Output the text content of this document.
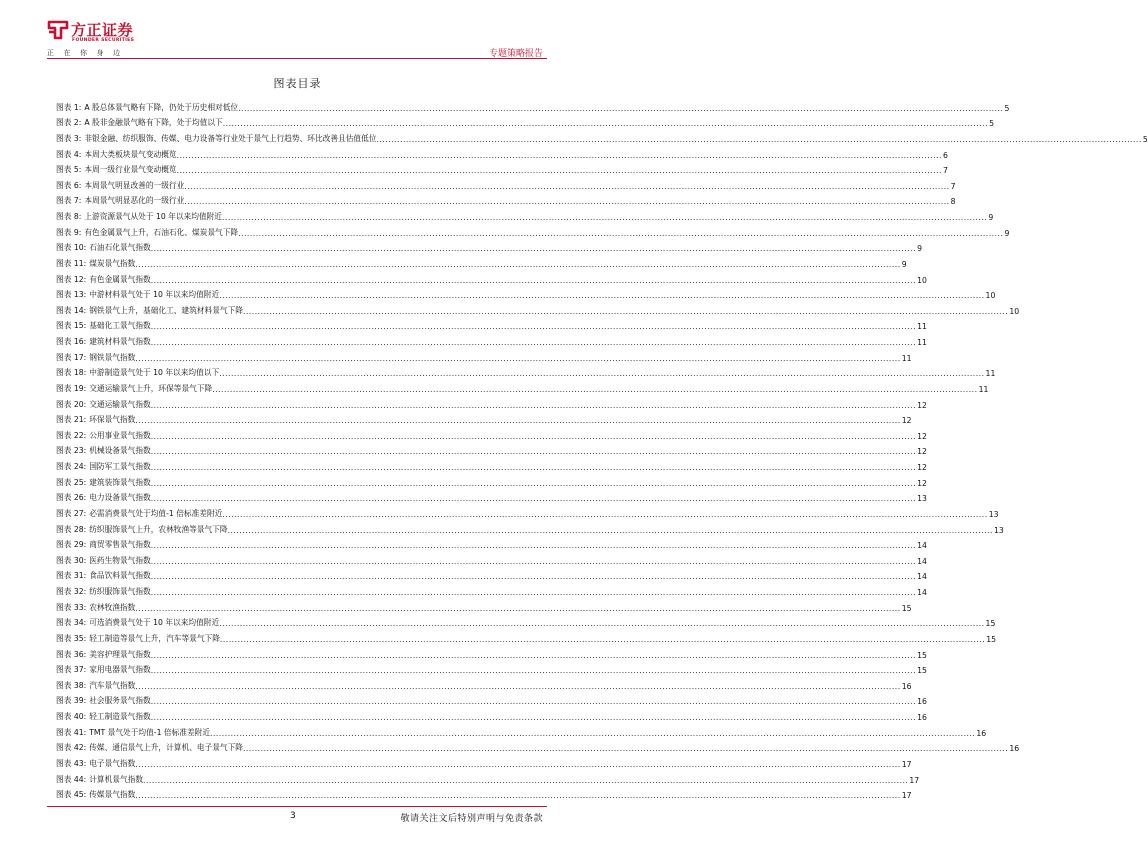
方正证券
FOUNDER SECURITIES
正在你身边	专题策略报告
图表目录
图表 1: A 股总体景气略有下降，仍处于历史相对低位 .................................................................................................................................................................................................................................................................... 5
图表 2: A 股非金融景气略有下降，处于均值以下 .................................................................................................................................................................................................................................................................... 5
图表 3: 非银金融、纺织服饰、传媒、电力设备等行业处于景气上行趋势、环比改善且估值低位 .................................................................................................................................................................................................................................................................... 5
图表 4: 本周大类板块景气变动概览 .................................................................................................................................................................................................................................................................... 6
图表 5: 本周一级行业景气变动概览 .................................................................................................................................................................................................................................................................... 7
图表 6: 本周景气明显改善的一级行业 .................................................................................................................................................................................................................................................................... 7
图表 7: 本周景气明显恶化的一级行业 .................................................................................................................................................................................................................................................................... 8
图表 8: 上游资源景气从处于 10 年以来均值附近 .................................................................................................................................................................................................................................................................... 9
图表 9: 有色金属景气上升，石油石化、煤炭景气下降 .................................................................................................................................................................................................................................................................... 9
图表 10: 石油石化景气指数 .................................................................................................................................................................................................................................................................... 9
图表 11: 煤炭景气指数 .................................................................................................................................................................................................................................................................... 9
图表 12: 有色金属景气指数 .................................................................................................................................................................................................................................................................... 10
图表 13: 中游材料景气处于 10 年以来均值附近 .................................................................................................................................................................................................................................................................... 10
图表 14: 钢铁景气上升，基础化工、建筑材料景气下降 .................................................................................................................................................................................................................................................................... 10
图表 15: 基础化工景气指数 .................................................................................................................................................................................................................................................................... 11
图表 16: 建筑材料景气指数 .................................................................................................................................................................................................................................................................... 11
图表 17: 钢铁景气指数 .................................................................................................................................................................................................................................................................... 11
图表 18: 中游制造景气处于 10 年以来均值以下 .................................................................................................................................................................................................................................................................... 11
图表 19: 交通运输景气上升，环保等景气下降 .................................................................................................................................................................................................................................................................... 11
图表 20: 交通运输景气指数 .................................................................................................................................................................................................................................................................... 12
图表 21: 环保景气指数 .................................................................................................................................................................................................................................................................... 12
图表 22: 公用事业景气指数 .................................................................................................................................................................................................................................................................... 12
图表 23: 机械设备景气指数 .................................................................................................................................................................................................................................................................... 12
图表 24: 国防军工景气指数 .................................................................................................................................................................................................................................................................... 12
图表 25: 建筑装饰景气指数 .................................................................................................................................................................................................................................................................... 12
图表 26: 电力设备景气指数 .................................................................................................................................................................................................................................................................... 13
图表 27: 必需消费景气处于均值-1 倍标准差附近 .................................................................................................................................................................................................................................................................... 13
图表 28: 纺织服饰景气上升，农林牧渔等景气下降 .................................................................................................................................................................................................................................................................... 13
图表 29: 商贸零售景气指数 .................................................................................................................................................................................................................................................................... 14
图表 30: 医药生物景气指数 .................................................................................................................................................................................................................................................................... 14
图表 31: 食品饮料景气指数 .................................................................................................................................................................................................................................................................... 14
图表 32: 纺织服饰景气指数 .................................................................................................................................................................................................................................................................... 14
图表 33: 农林牧渔指数 .................................................................................................................................................................................................................................................................... 15
图表 34: 可选消费景气处于 10 年以来均值附近 .................................................................................................................................................................................................................................................................... 15
图表 35: 轻工制造等景气上升，汽车等景气下降 .................................................................................................................................................................................................................................................................... 15
图表 36: 美容护理景气指数 .................................................................................................................................................................................................................................................................... 15
图表 37: 家用电器景气指数 .................................................................................................................................................................................................................................................................... 15
图表 38: 汽车景气指数 .................................................................................................................................................................................................................................................................... 16
图表 39: 社会服务景气指数 .................................................................................................................................................................................................................................................................... 16
图表 40: 轻工制造景气指数 .................................................................................................................................................................................................................................................................... 16
图表 41: TMT 景气处于均值-1 倍标准差附近 .................................................................................................................................................................................................................................................................... 16
图表 42: 传媒、通信景气上升，计算机、电子景气下降 .................................................................................................................................................................................................................................................................... 16
图表 43: 电子景气指数 .................................................................................................................................................................................................................................................................... 17
图表 44: 计算机景气指数 .................................................................................................................................................................................................................................................................... 17
图表 45: 传媒景气指数 .................................................................................................................................................................................................................................................................... 17
3	敬请关注文后特别声明与免责条款
